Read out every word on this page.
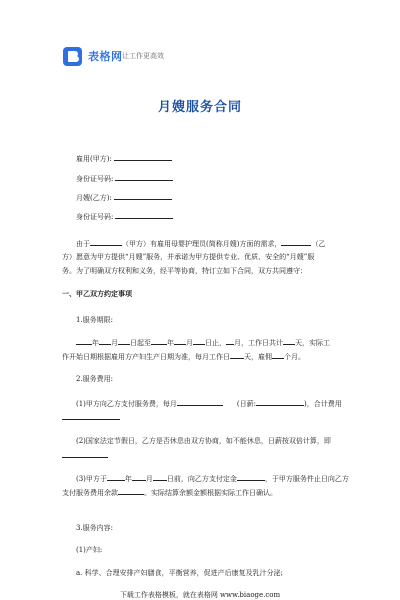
表格网 让工作更高效
月嫂服务合同
雇用(甲方):
身份证号码:
月嫂(乙方):
身份证号码:
由于	（甲方）有雇用母婴护理员(简称月嫂)方面的需求，	（乙
方）愿意为甲方提供“月嫂”服务，并承诺为甲方提供专业、优质、安全的“月嫂”服
务。为了明确双方权利和义务，经平等协商，特订立如下合同，双方共同遵守：
一、甲乙双方约定事项
1.服务期限:
年 月 日起至 年 月 日止， 月，工作日共计 天，实际工
作开始日期根据雇用方产妇生产日期为准，每月工作日 天，雇佣 个月。
2.服务费用:
(1)甲方向乙方支付服务费，每月	(日薪:	)，合计费用
(2)国家法定节假日，乙方是否休息由双方协商，如不能休息，日薪按双倍计算，即
(3)甲方于	年 月 日前，向乙方支付定金	，于甲方服务件止日向乙方
支付服务费用余款	。实际结算余额金额根据实际工作日确认。
3.服务内容:
(1)产妇:
a. 科学、合理安排产妇膳食，平衡营养，促进产后康复及乳汁分泌;
下载工作表格模板，就在表格网 www.biaoge.com
